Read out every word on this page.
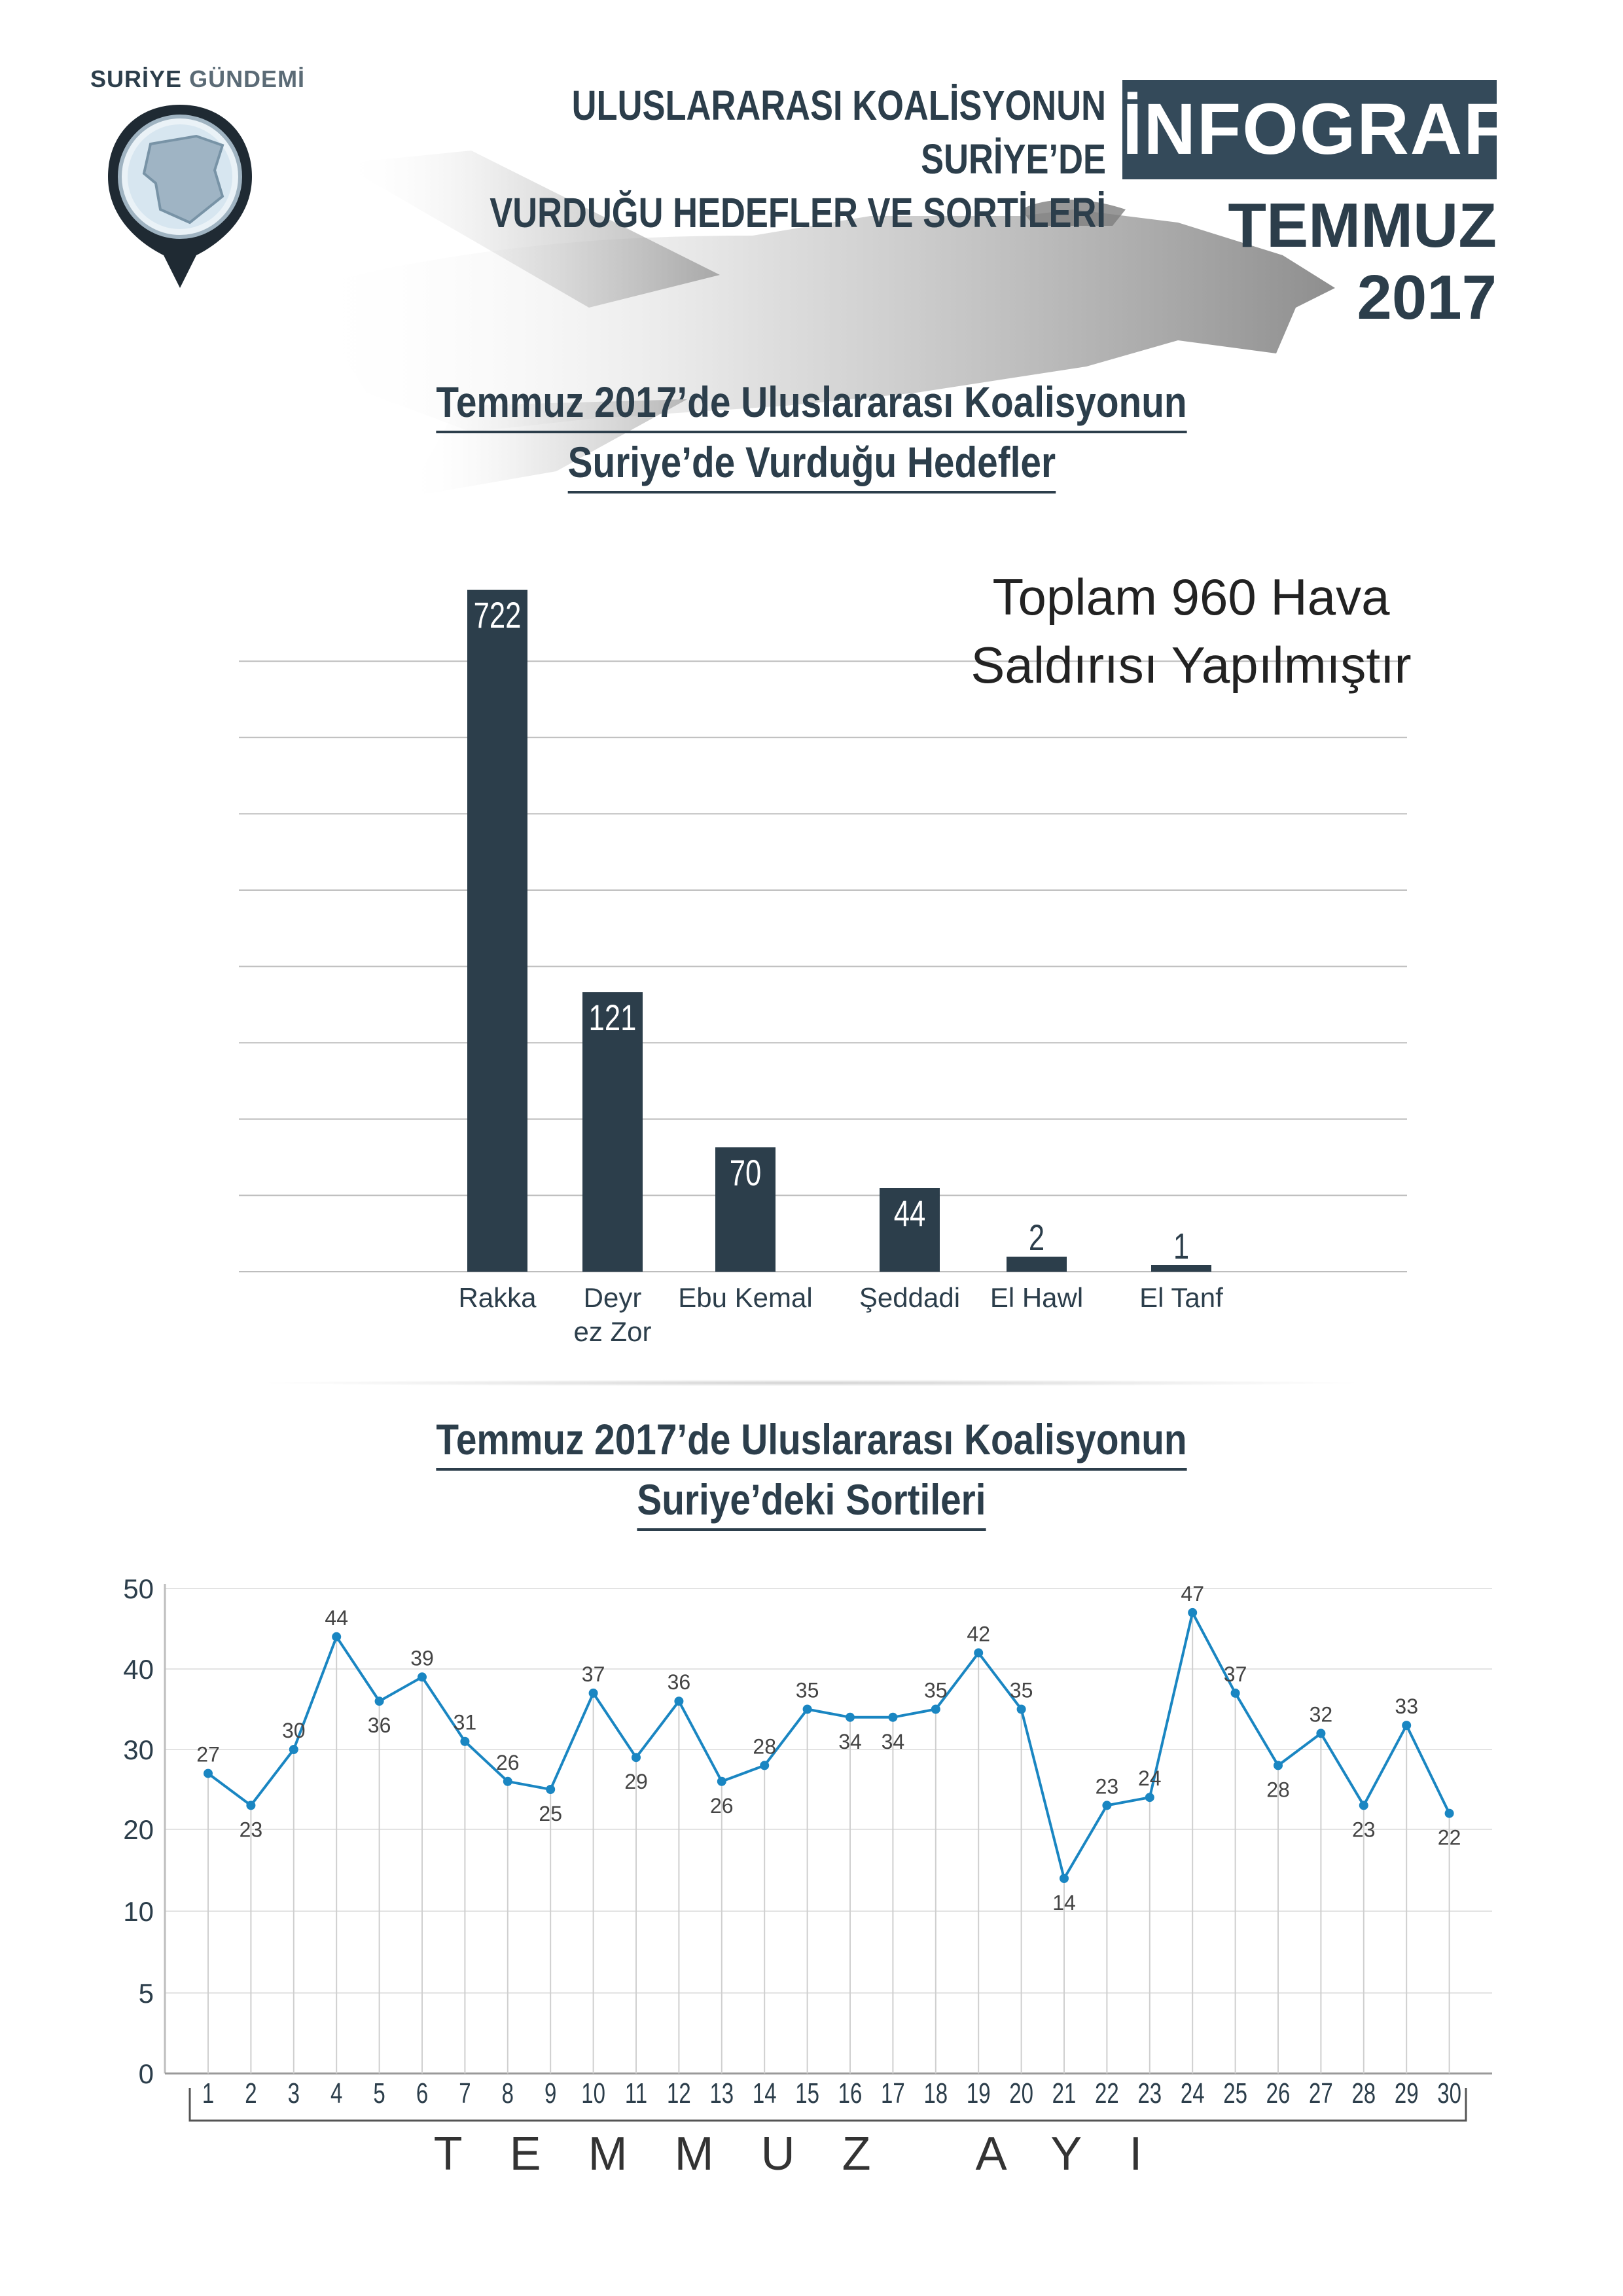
SURİYE GÜNDEMİ
ULUSLARARASI KOALİSYONUN SURİYE’DE
VURDUĞU HEDEFLER VE SORTİLERİ
İNFOGRAFİK
TEMMUZ 2017
Temmuz 2017’de Uluslararası Koalisyonun
Suriye’de Vurduğu Hedefler
722
Rakka
121
Deyr
ez Zor
70
Ebu Kemal
44
Şeddadi
2
El Hawl
1
El Tanf
Toplam 960 Hava
Saldırısı Yapılmıştır
Temmuz 2017’de Uluslararası Koalisyonun
Suriye’deki Sortileri
0
5
10
20
30
40
50
27
1
23
2
30
3
44
4
36
5
39
6
31
7
26
8
25
9
37
10
29
11
36
12
26
13
28
14
35
15
34
16
34
17
35
18
42
19
35
20
14
21
23
22
24
23
47
24
37
25
28
26
32
27
23
28
33
29
22
30
TEMMUZ AYI
